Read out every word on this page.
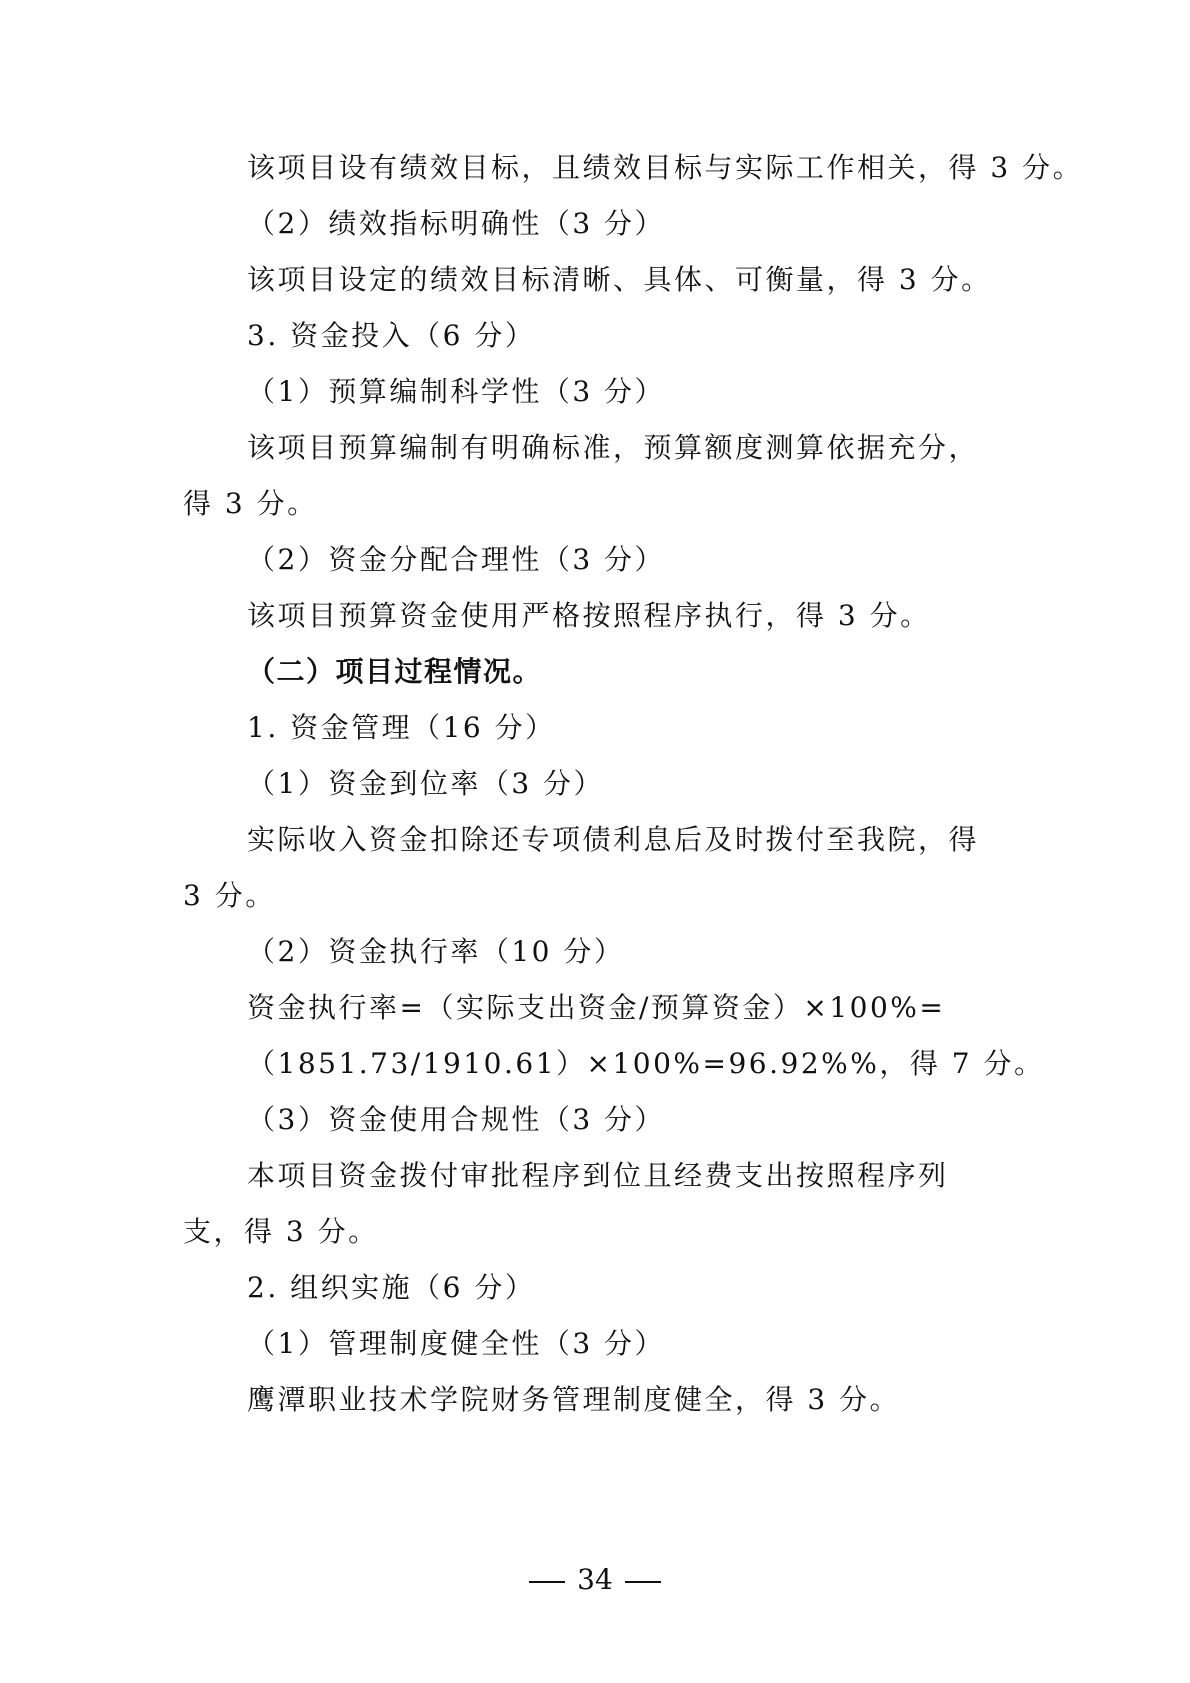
该项目设有绩效目标，且绩效目标与实际工作相关，得 3 分。
（2）绩效指标明确性（3 分）
该项目设定的绩效目标清晰、具体、可衡量，得 3 分。
3. 资金投入（6 分）
（1）预算编制科学性（3 分）
该项目预算编制有明确标准，预算额度测算依据充分，
得 3 分。
（2）资金分配合理性（3 分）
该项目预算资金使用严格按照程序执行，得 3 分。
（二）项目过程情况。
1. 资金管理（16 分）
（1）资金到位率（3 分）
实际收入资金扣除还专项债利息后及时拨付至我院，得
3 分。
（2）资金执行率（10 分）
资金执行率=（实际支出资金/预算资金）×100%=
（1851.73/1910.61）×100%=96.92%%，得 7 分。
（3）资金使用合规性（3 分）
本项目资金拨付审批程序到位且经费支出按照程序列
支，得 3 分。
2. 组织实施（6 分）
（1）管理制度健全性（3 分）
鹰潭职业技术学院财务管理制度健全，得 3 分。
34
